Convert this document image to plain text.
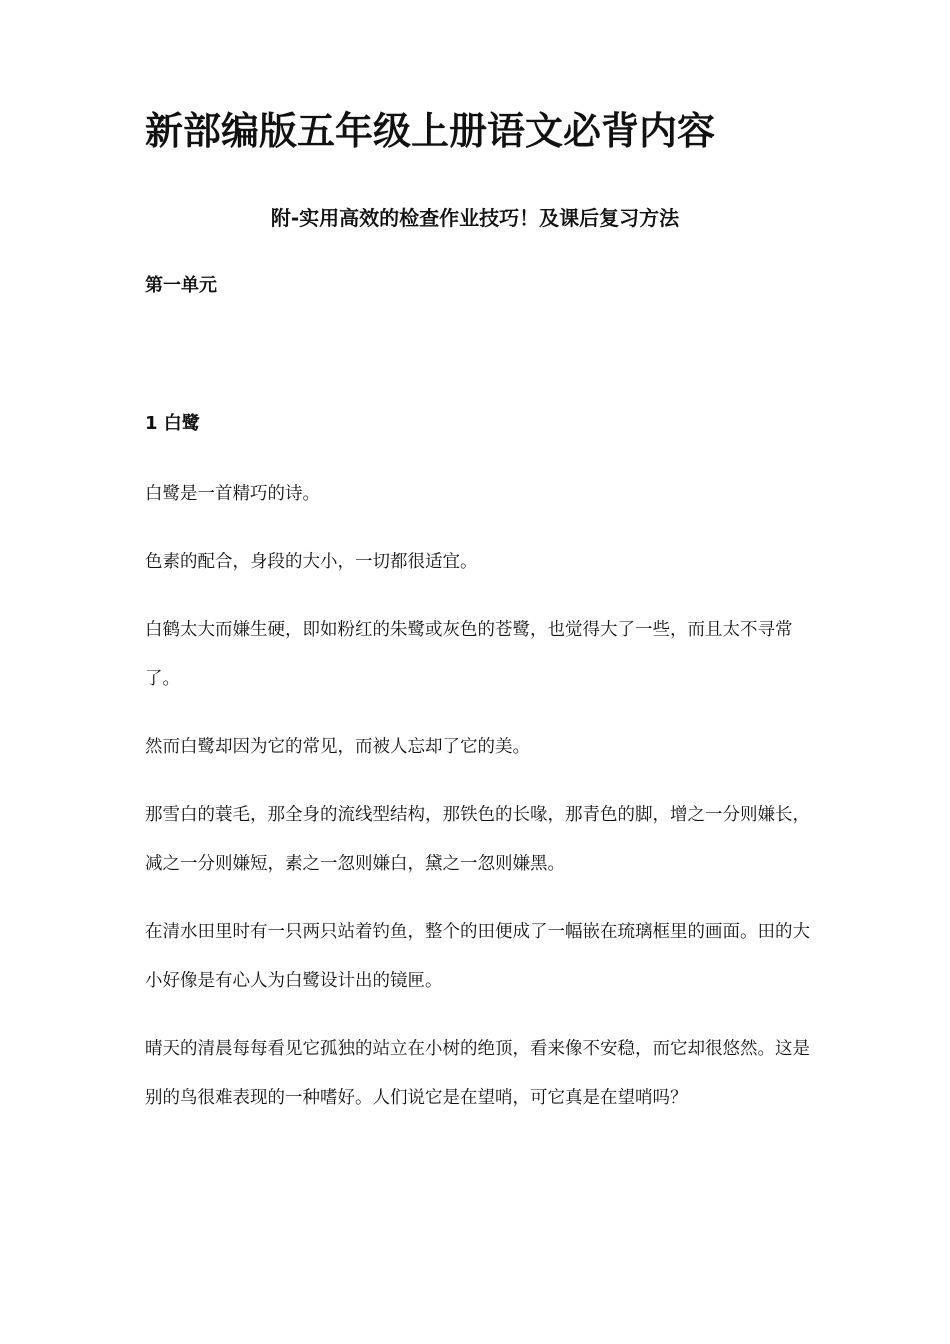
新部编版五年级上册语文必背内容
附-实用高效的检查作业技巧！及课后复习方法
第一单元
1 白鹭

白鹭是一首精巧的诗。

色素的配合，身段的大小，一切都很适宜。

白鹤太大而嫌生硬，即如粉红的朱鹭或灰色的苍鹭，也觉得大了一些，而且太不寻常了。

然而白鹭却因为它的常见，而被人忘却了它的美。

那雪白的蓑毛，那全身的流线型结构，那铁色的长喙，那青色的脚，增之一分则嫌长，减之一分则嫌短，素之一忽则嫌白，黛之一忽则嫌黑。

在清水田里时有一只两只站着钓鱼，整个的田便成了一幅嵌在琉璃框里的画面。田的大小好像是有心人为白鹭设计出的镜匣。

晴天的清晨每每看见它孤独的站立在小树的绝顶，看来像不安稳，而它却很悠然。这是别的鸟很难表现的一种嗜好。人们说它是在望哨，可它真是在望哨吗？
